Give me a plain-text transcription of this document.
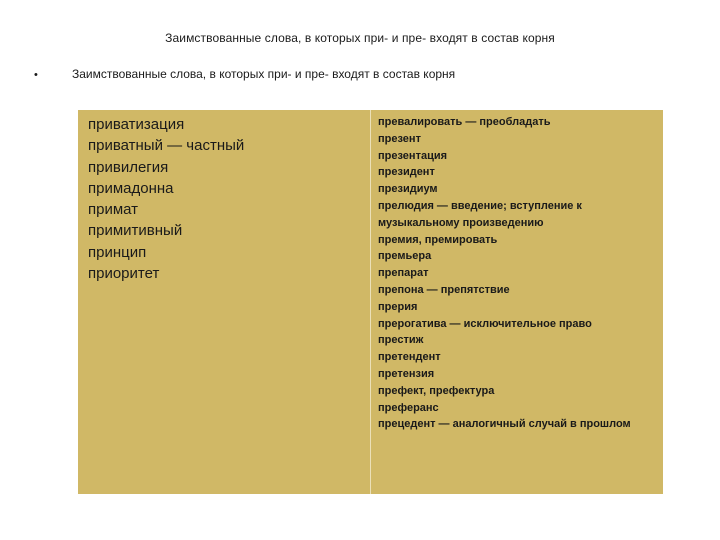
Заимствованные слова, в которых при- и пре- входят в состав корня
•	Заимствованные слова, в которых при- и пре- входят в состав корня
приватизация
приватный — частный
привилегия
примадонна
примат
примитивный
принцип
приоритет
превалировать — преобладать
презент
презентация
президент
президиум
прелюдия — введение; вступление к музыкальному произведению
премия, премировать
премьера
препарат
препона — препятствие
прерия
прерогатива — исключительное право
престиж
претендент
претензия
префект, префектура
преферанс
прецедент — аналогичный случай в прошлом
